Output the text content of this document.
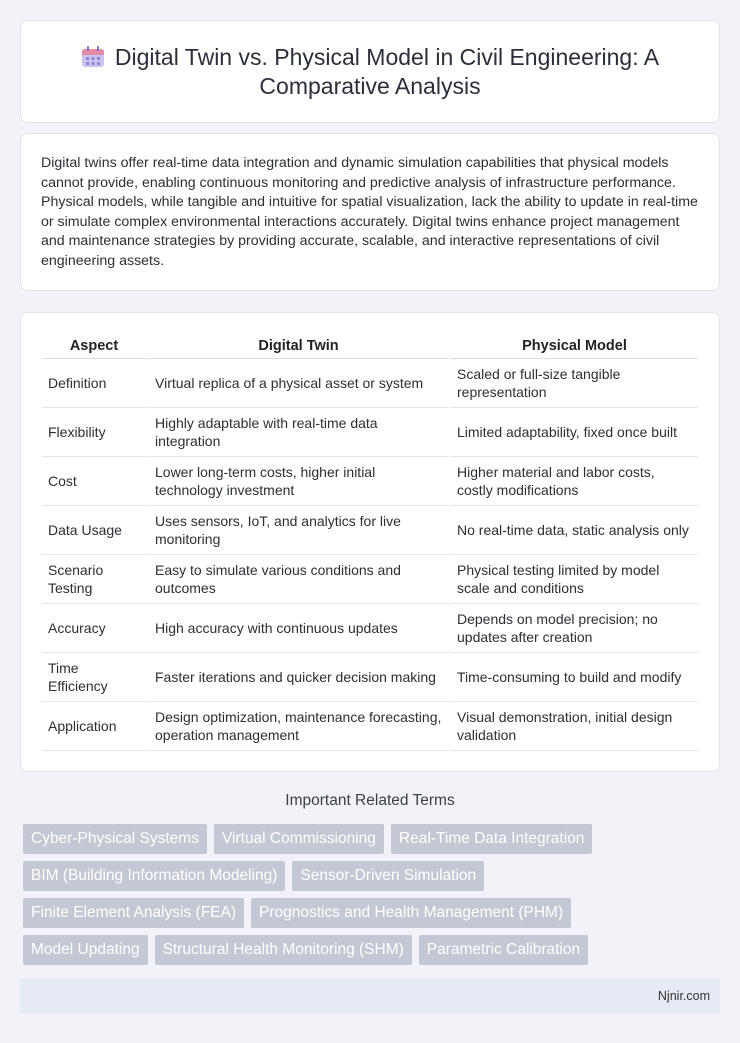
Digital Twin vs. Physical Model in Civil Engineering: A Comparative Analysis

Digital twins offer real-time data integration and dynamic simulation capabilities that physical models cannot provide, enabling continuous monitoring and predictive analysis of infrastructure performance. Physical models, while tangible and intuitive for spatial visualization, lack the ability to update in real-time or simulate complex environmental interactions accurately. Digital twins enhance project management and maintenance strategies by providing accurate, scalable, and interactive representations of civil engineering assets.

Aspect	Digital Twin	Physical Model
Definition	Virtual replica of a physical asset or system	Scaled or full-size tangible representation
Flexibility	Highly adaptable with real-time data integration	Limited adaptability, fixed once built
Cost	Lower long-term costs, higher initial technology investment	Higher material and labor costs, costly modifications
Data Usage	Uses sensors, IoT, and analytics for live monitoring	No real-time data, static analysis only
Scenario Testing	Easy to simulate various conditions and outcomes	Physical testing limited by model scale and conditions
Accuracy	High accuracy with continuous updates	Depends on model precision; no updates after creation
Time Efficiency	Faster iterations and quicker decision making	Time-consuming to build and modify
Application	Design optimization, maintenance forecasting, operation management	Visual demonstration, initial design validation
Important Related Terms
Cyber-Physical Systems	Virtual Commissioning	Real-Time Data Integration
BIM (Building Information Modeling)	Sensor-Driven Simulation
Finite Element Analysis (FEA)	Prognostics and Health Management (PHM)
Model Updating	Structural Health Monitoring (SHM)	Parametric Calibration
Njnir.com
